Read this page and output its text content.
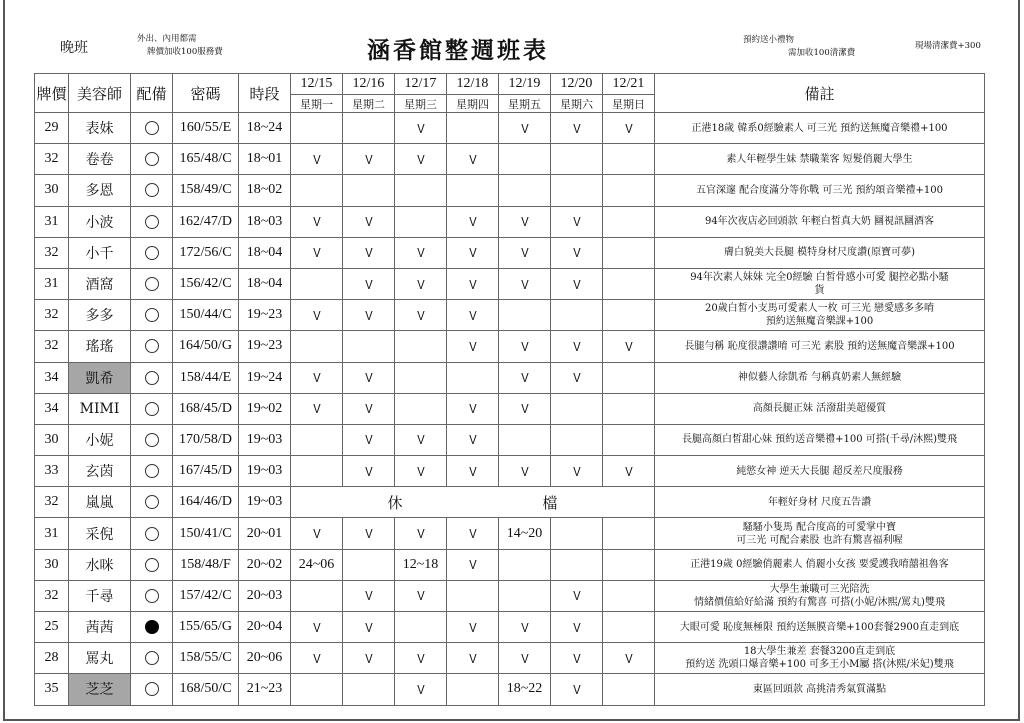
晚班
外出、內用都需
牌價加收100服務費	涵香館整週班表	預約送小禮物
需加收100清潔費
現場清潔費+300
牌價	美容師	配備	密碼	時段	12/15	12/16	12/17	12/18	12/19	12/20	12/21	備註
					星期一	星期二	星期三	星期四	星期五	星期六	星期日	
29	表妹		160/55/E	18~24			V		V	V	V	正港18歲 韓系0經驗素人 可三光 預約送無魔音樂禮+100

32	卷卷		165/48/C	18~01	V	V	V	V				素人年輕學生妹 禁職業客 短髮俏麗大學生

30	多恩		158/49/C	18~02								五官深邃 配合度滿分等你戰 可三光 預約頌音樂禮+100

31	小波		162/47/D	18~03	V	V		V	V	V		94年次夜店必回頭款 年輕白皙真大奶 圝視訊圝酒客

32	小千		172/56/C	18~04	V	V	V	V	V	V		膚白貌美大長腿 模特身材尺度讚(原寶可夢)

31	酒窩		156/42/C	18~04		V	V	V	V	V		94年次素人妹妹 完全0經驗 白皙骨感小可愛 腿控必點小騷
貨

32	多多		150/44/C	19~23	V	V	V	V				20歲白皙小支馬可愛素人一枚 可三光 戀愛感多多唷
預約送無魔音樂課+100

32	瑤瑤		164/50/G	19~23				V	V	V	V	長腿勻稱 恥度很讚讚唷 可三光 素股 預約送無魔音樂課+100

34	凱希		158/44/E	19~24	V	V			V	V		神似藝人徐凱希 勻稱真奶素人無經驗

34	MIMI		168/45/D	19~02	V	V		V	V			高顏長腿正妹 活潑甜美超優質

30	小妮		170/58/D	19~03		V	V	V				長腿高顏白皙甜心妹 預約送音樂禮+100 可搭(千尋/沐熙)雙飛

33	玄茵		167/45/D	19~03		V	V	V	V	V	V	純慾女神 逆天大長腿 超反差尺度服務

32	嵐嵐		164/46/D	19~03	休 檔							年輕好身材 尺度五告讚

31	采倪		150/41/C	20~01	V	V	V	V	14~20			騷騷小隻馬 配合度高的可愛掌中寶
可三光 可配合素股 也許有驚喜福利喔

30	水咪		158/48/F	20~02	24~06		12~18	V				正港19歲 0經驗俏麗素人 俏麗小女孩 要愛護我唷囍祖魯客

32	千尋		157/42/C	20~03		V	V			V		大學生兼職可三光陪洗
情緒價值給好給滿 預約有驚喜 可搭(小妮/沐熙/罵丸)雙飛

25	茜茜		155/65/G	20~04	V	V		V	V	V		大眼可愛 恥度無極限 預約送無膜音樂+100套餐2900直走到底

28	罵丸		158/55/C	20~06	V	V	V	V	V	V	V	18大學生兼差 套餐3200直走到底
預約送 洗頭口爆音樂+100 可多王小M屬 搭(沐熙/米妃)雙飛

35	芝芝		168/50/C	21~23			V		18~22	V		東區回頭款 高挑清秀氣質滿點
